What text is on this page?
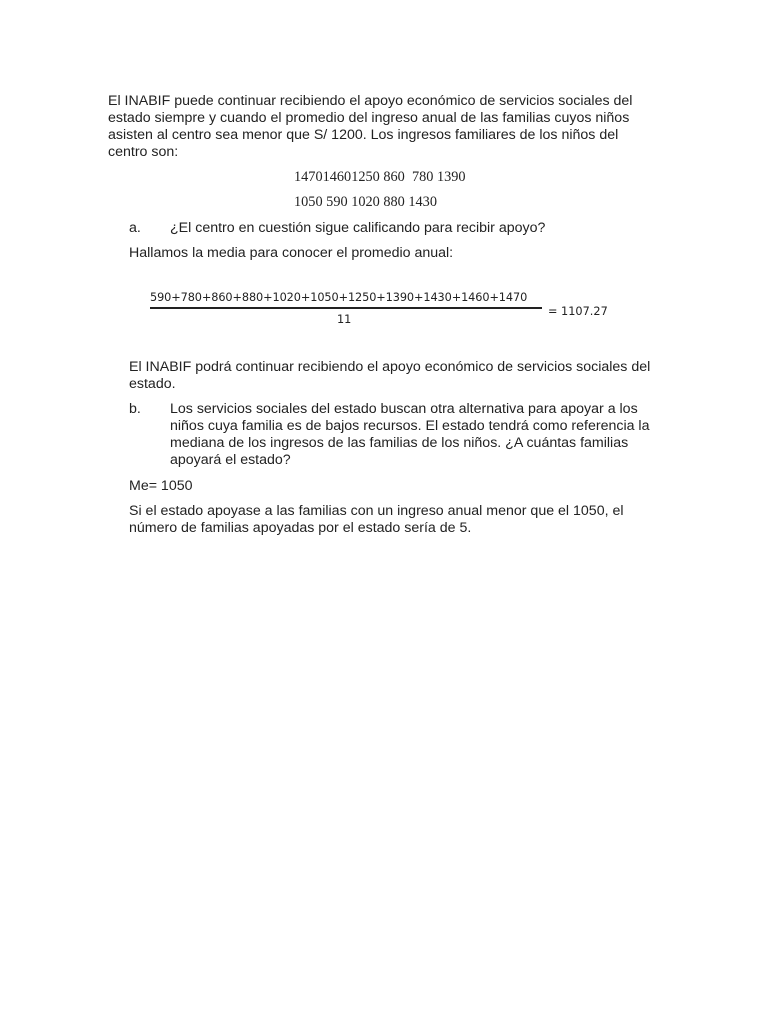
El INABIF puede continuar recibiendo el apoyo económico de servicios sociales del estado siempre y cuando el promedio del ingreso anual de las familias cuyos niños asisten al centro sea menor que S/ 1200. Los ingresos familiares de los niños del centro son:

147014601250 860  780 1390
1050 590 1020 880 1430
a. ¿El centro en cuestión sigue calificando para recibir apoyo?

Hallamos la media para conocer el promedio anual:

590+780+860+880+1020+1050+1250+1390+1430+1460+1470
11
= 1107.27

El INABIF podrá continuar recibiendo el apoyo económico de servicios sociales del estado.

b. Los servicios sociales del estado buscan otra alternativa para apoyar a los niños cuya familia es de bajos recursos. El estado tendrá como referencia la mediana de los ingresos de las familias de los niños. ¿A cuántas familias apoyará el estado?

Me= 1050

Si el estado apoyase a las familias con un ingreso anual menor que el 1050, el número de familias apoyadas por el estado sería de 5.
